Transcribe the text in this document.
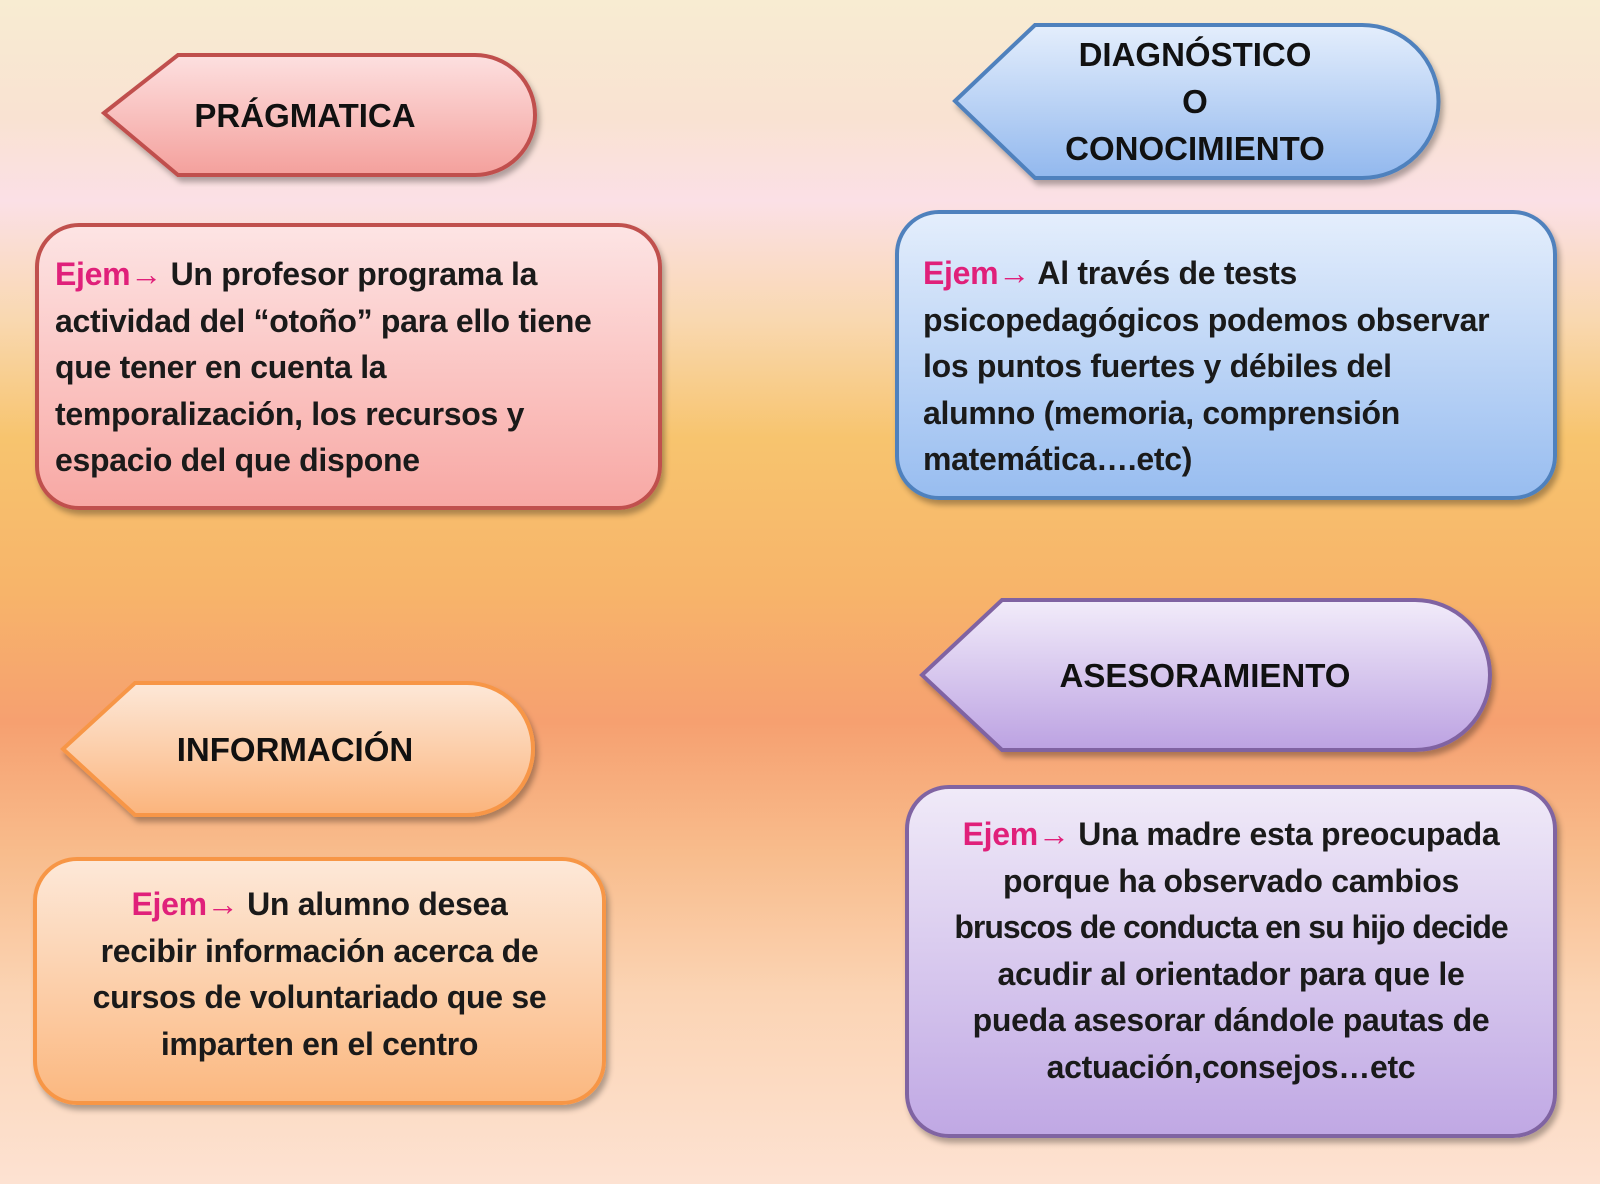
PRÁGMATICA
DIAGNÓSTICO
O
CONOCIMIENTO
INFORMACIÓN
ASESORAMIENTO
Ejem→ Un profesor programa la
actividad del “otoño” para ello tiene
que tener en cuenta la
temporalización, los recursos y
espacio del que dispone
Ejem→ Al través de tests
psicopedagógicos podemos observar
los puntos fuertes y débiles del
alumno (memoria, comprensión
matemática….etc)
Ejem→ Un alumno desea
recibir información acerca de
cursos de voluntariado que se
imparten en el centro
Ejem→ Una madre esta preocupada
porque ha observado cambios
bruscos de conducta en su hijo decide
acudir al orientador para que le
pueda asesorar dándole pautas de
actuación,consejos…etc
